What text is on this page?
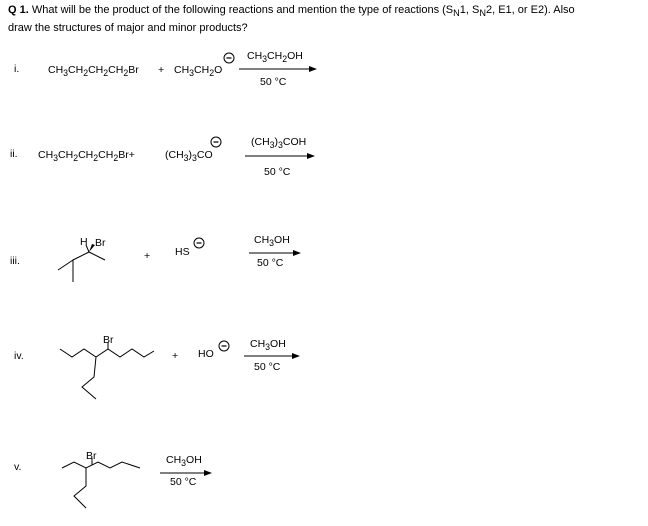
Q 1. What will be the product of the following reactions and mention the type of reactions ($S_N1$, $S_N2$, E1, or E2). Also
draw the structures of major and minor products?
i.	$CH_3CH_2CH_2CH_2Br + CH_3CH_2O$
$CH_3CH_2OH$
50 °C
ii. $CH_3CH_2CH_2CH_2Br+$	$(CH_3)_3CO$
$(CH_3)_3COH$
50 °C
iii.
H Br
+ HS
$CH_3OH$
50 °C
iv.
Br
+ HO
$CH_3OH$
50 °C
v.
Br	$CH_3OH$
50 °C
